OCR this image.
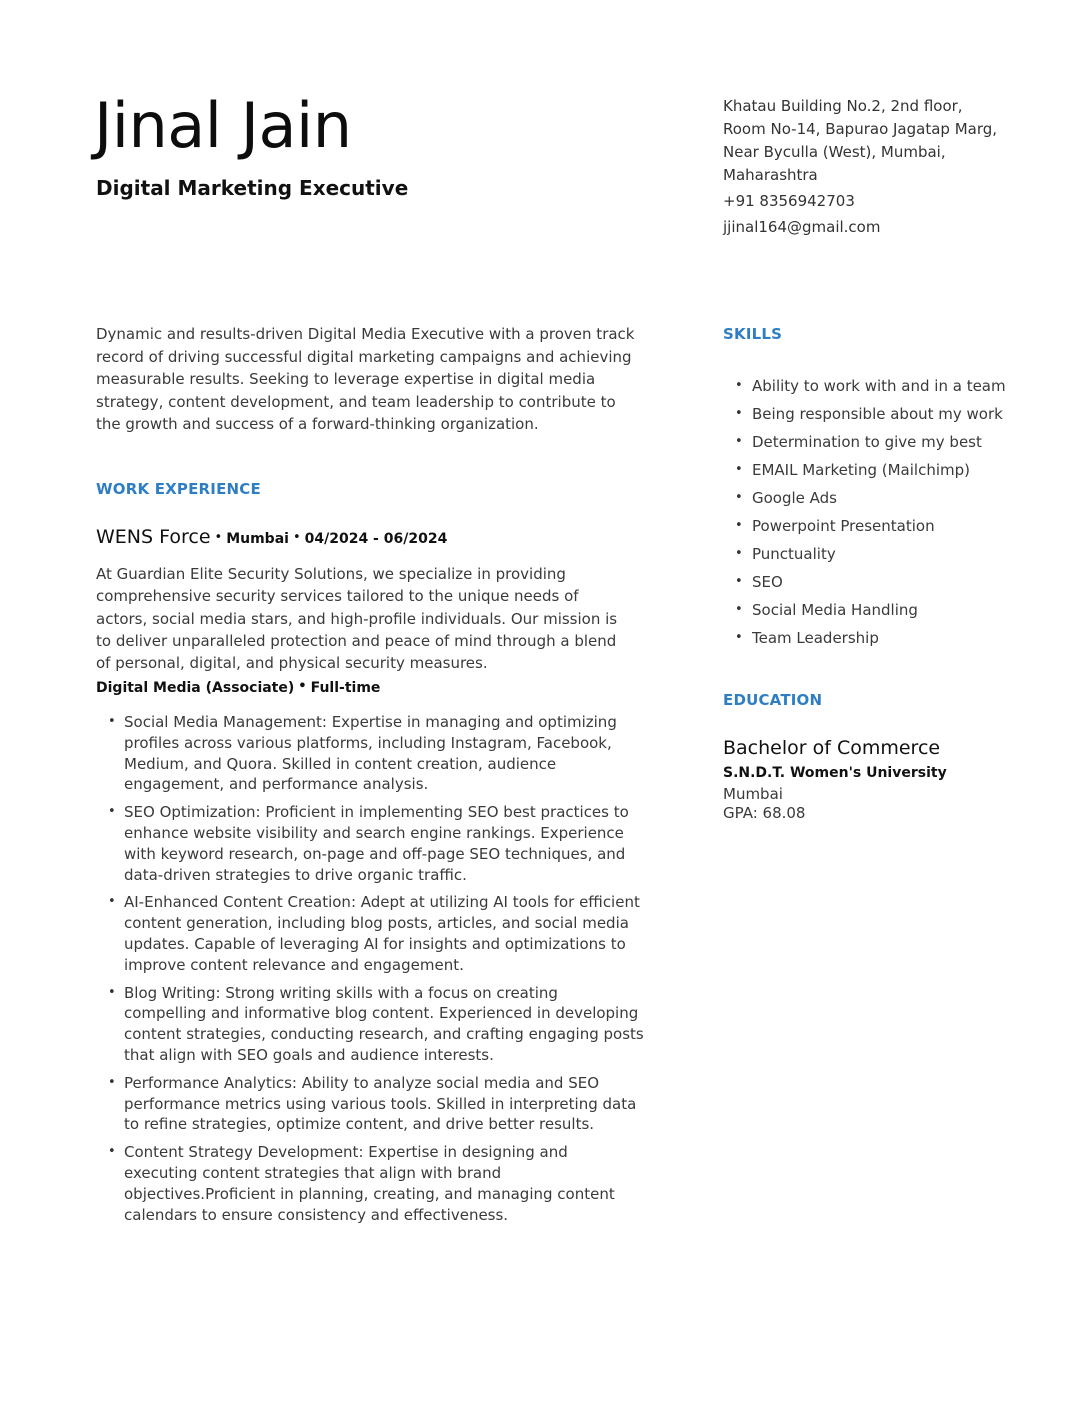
Jinal Jain
Digital Marketing Executive
Khatau Building No.2, 2nd floor,
Room No-14, Bapurao Jagatap Marg,
Near Byculla (West), Mumbai,
Maharashtra
+91 8356942703
jjinal164@gmail.com

Dynamic and results-driven Digital Media Executive with a proven track record of driving successful digital marketing campaigns and achieving measurable results. Seeking to leverage expertise in digital media strategy, content development, and team leadership to contribute to the growth and success of a forward-thinking organization.

WORK EXPERIENCE
WENS Force • Mumbai • 04/2024 - 06/2024

At Guardian Elite Security Solutions, we specialize in providing comprehensive security services tailored to the unique needs of actors, social media stars, and high-profile individuals. Our mission is to deliver unparalleled protection and peace of mind through a blend of personal, digital, and physical security measures.

Digital Media (Associate) • Full-time
• Social Media Management: Expertise in managing and optimizing profiles across various platforms, including Instagram, Facebook, Medium, and Quora. Skilled in content creation, audience engagement, and performance analysis.
• SEO Optimization: Proficient in implementing SEO best practices to enhance website visibility and search engine rankings. Experience with keyword research, on-page and off-page SEO techniques, and data-driven strategies to drive organic traffic.
• AI-Enhanced Content Creation: Adept at utilizing AI tools for efficient content generation, including blog posts, articles, and social media updates. Capable of leveraging AI for insights and optimizations to improve content relevance and engagement.
• Blog Writing: Strong writing skills with a focus on creating compelling and informative blog content. Experienced in developing content strategies, conducting research, and crafting engaging posts that align with SEO goals and audience interests.
• Performance Analytics: Ability to analyze social media and SEO performance metrics using various tools. Skilled in interpreting data to refine strategies, optimize content, and drive better results.
• Content Strategy Development: Expertise in designing and executing content strategies that align with brand objectives.Proficient in planning, creating, and managing content calendars to ensure consistency and effectiveness.
SKILLS
• Ability to work with and in a team
• Being responsible about my work
• Determination to give my best
• EMAIL Marketing (Mailchimp)
• Google Ads
• Powerpoint Presentation
• Punctuality
• SEO
• Social Media Handling
• Team Leadership
EDUCATION
Bachelor of Commerce
S.N.D.T. Women's University
Mumbai
GPA: 68.08
